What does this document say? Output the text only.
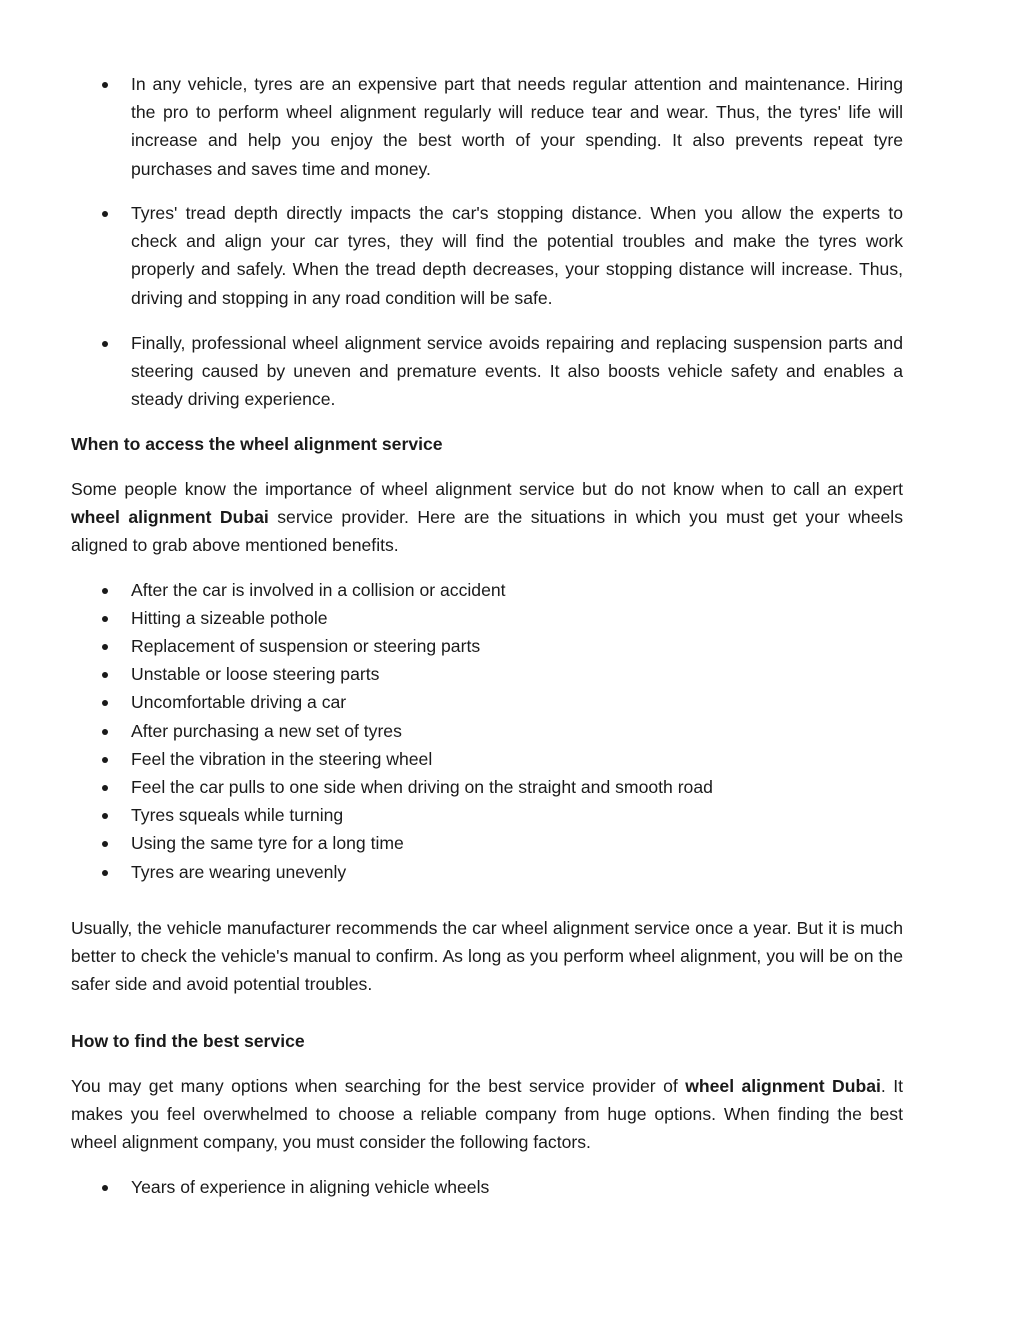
In any vehicle, tyres are an expensive part that needs regular attention and maintenance. Hiring the pro to perform wheel alignment regularly will reduce tear and wear. Thus, the tyres' life will increase and help you enjoy the best worth of your spending. It also prevents repeat tyre purchases and saves time and money.
Tyres' tread depth directly impacts the car's stopping distance. When you allow the experts to check and align your car tyres, they will find the potential troubles and make the tyres work properly and safely. When the tread depth decreases, your stopping distance will increase. Thus, driving and stopping in any road condition will be safe.
Finally, professional wheel alignment service avoids repairing and replacing suspension parts and steering caused by uneven and premature events. It also boosts vehicle safety and enables a steady driving experience.
When to access the wheel alignment service
Some people know the importance of wheel alignment service but do not know when to call an expert wheel alignment Dubai service provider. Here are the situations in which you must get your wheels aligned to grab above mentioned benefits.
After the car is involved in a collision or accident
Hitting a sizeable pothole
Replacement of suspension or steering parts
Unstable or loose steering parts
Uncomfortable driving a car
After purchasing a new set of tyres
Feel the vibration in the steering wheel
Feel the car pulls to one side when driving on the straight and smooth road
Tyres squeals while turning
Using the same tyre for a long time
Tyres are wearing unevenly
Usually, the vehicle manufacturer recommends the car wheel alignment service once a year. But it is much better to check the vehicle's manual to confirm. As long as you perform wheel alignment, you will be on the safer side and avoid potential troubles.
How to find the best service
You may get many options when searching for the best service provider of wheel alignment Dubai. It makes you feel overwhelmed to choose a reliable company from huge options. When finding the best wheel alignment company, you must consider the following factors.
Years of experience in aligning vehicle wheels
